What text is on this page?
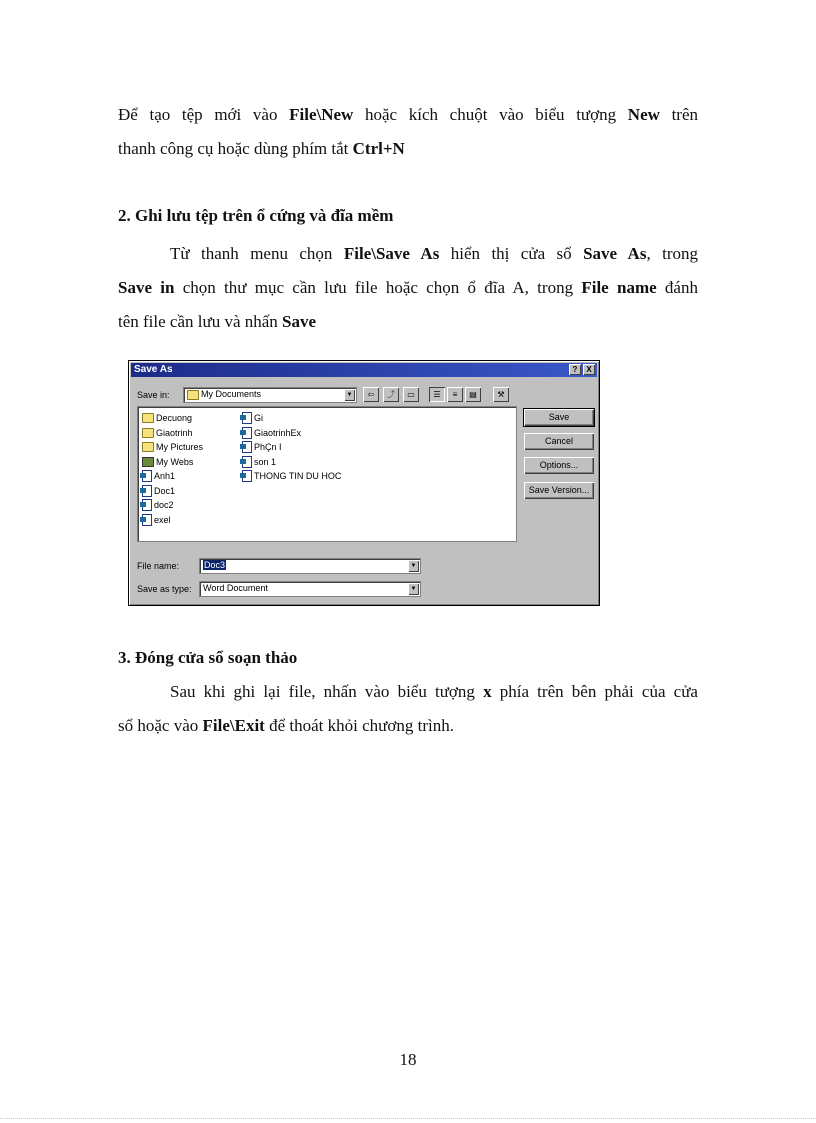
Để tạo tệp mới vào File\New hoặc kích chuột vào biểu tượng New trên

thanh công cụ hoặc dùng phím tắt Ctrl+N

2. Ghi lưu tệp trên ổ cứng và đĩa mềm

Từ thanh menu chọn File\Save As hiển thị cửa sổ Save As, trong

Save in chọn thư mục cần lưu file hoặc chọn ổ đĩa A, trong File name đánh

tên file cần lưu và nhấn Save

Save As	?	X
Save in:	My Documents	▼	⇦	⤴	▭	☰	≡	▤	⚒
Decuong
Giaotrinh
My Pictures
My Webs
Anh1
Doc1
doc2
exel
Gi
GiaotrinhEx
PhÇn I
son 1
THONG TIN DU HOC
Save
Cancel
Options...
Save Version...
File name:	Doc3	▼
Save as type: Word Document	▼

3. Đóng cửa sổ soạn thảo

Sau khi ghi lại file, nhấn vào biểu tượng x phía trên bên phải của cửa

sổ hoặc vào File\Exit để thoát khỏi chương trình.

18
